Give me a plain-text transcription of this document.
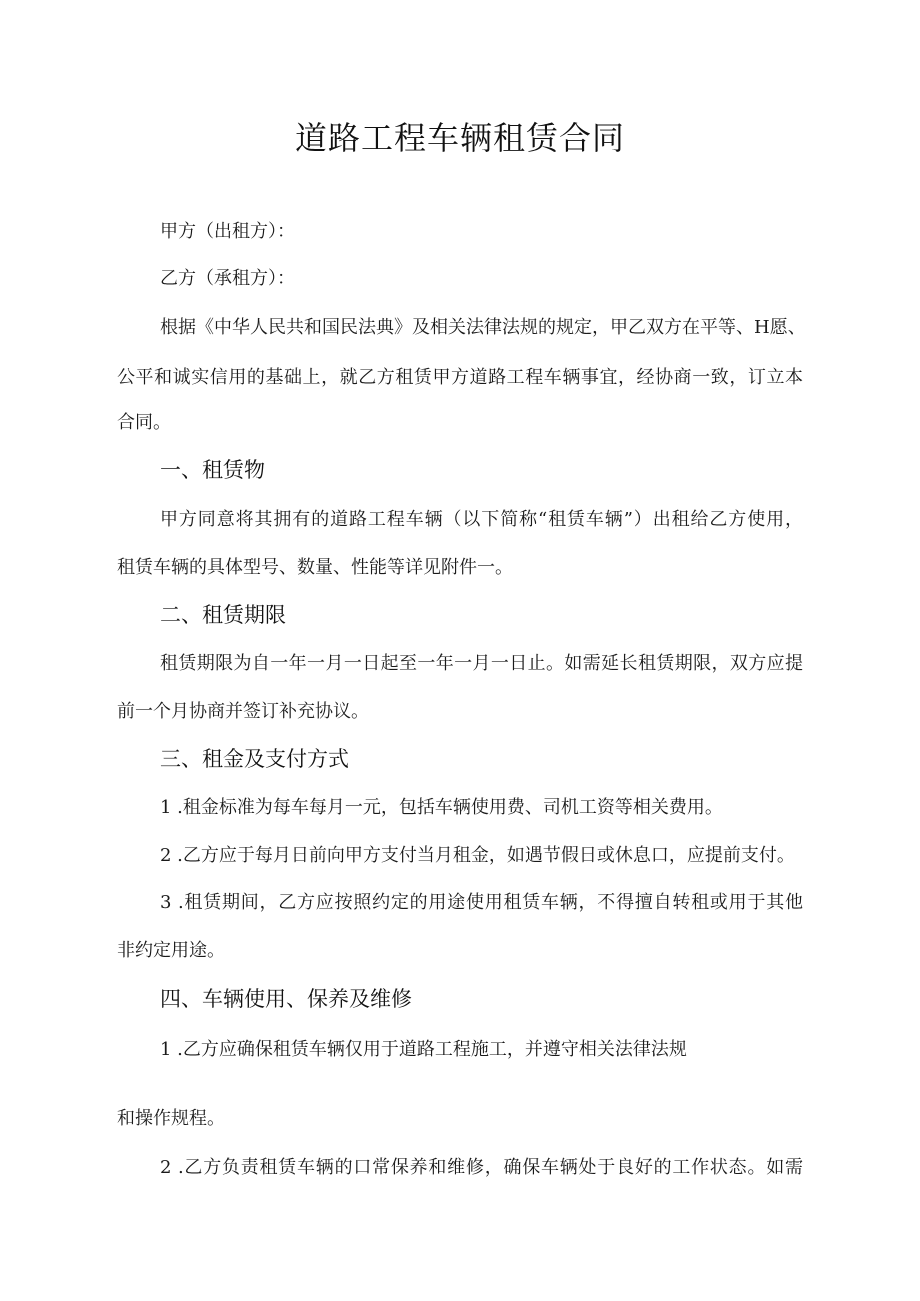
道路工程车辆租赁合同
甲方（出租方）：
乙方（承租方）：
根据《中华人民共和国民法典》及相关法律法规的规定，甲乙双方在平等、H愿、
公平和诚实信用的基础上，就乙方租赁甲方道路工程车辆事宜，经协商一致，订立本
合同。
一、租赁物
甲方同意将其拥有的道路工程车辆（以下简称“租赁车辆”）出租给乙方使用，
租赁车辆的具体型号、数量、性能等详见附件一。
二、租赁期限
租赁期限为自一年一月一日起至一年一月一日止。如需延长租赁期限，双方应提
前一个月协商并签订补充协议。
三、租金及支付方式
1 .租金标准为每车每月一元，包括车辆使用费、司机工资等相关费用。
2 .乙方应于每月日前向甲方支付当月租金，如遇节假日或休息口，应提前支付。
3 .租赁期间，乙方应按照约定的用途使用租赁车辆，不得擅自转租或用于其他
非约定用途。
四、车辆使用、保养及维修
1 .乙方应确保租赁车辆仅用于道路工程施工，并遵守相关法律法规
和操作规程。
2 .乙方负责租赁车辆的口常保养和维修，确保车辆处于良好的工作状态。如需
